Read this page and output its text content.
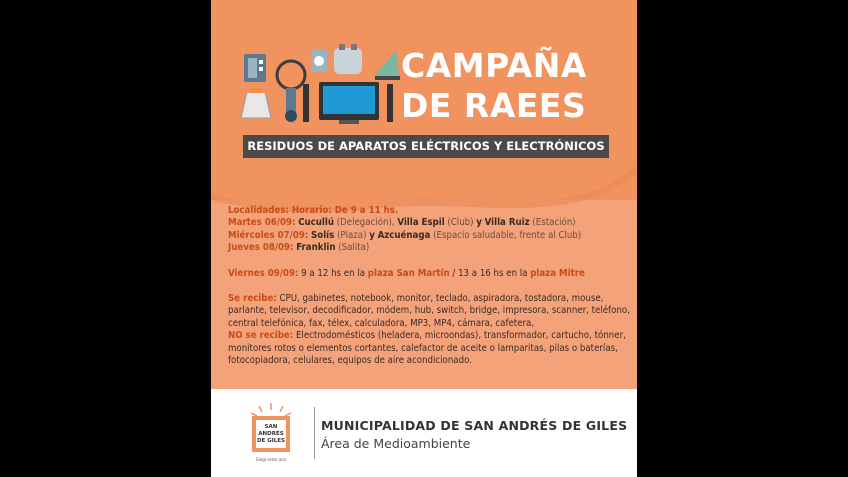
CAMPAÑA
DE RAEES
RESIDUOS DE APARATOS ELÉCTRICOS Y ELECTRÓNICOS

Localidades: Horario: De 9 a 11 hs.

Martes 06/09: Cucullú (Delegación), Villa Espil (Club) y Villa Ruiz (Estación)

Miércoles 07/09: Solís (Plaza) y Azcuénaga (Espacio saludable, frente al Club)

Jueves 08/09: Franklin (Salita)

Viernes 09/09: 9 a 12 hs en la plaza San Martín / 13 a 16 hs en la plaza Mitre

Se recibe: CPU, gabinetes, notebook, monitor, teclado, aspiradora, tostadora, mouse, parlante, televisor, decodificador, módem, hub, switch, bridge, impresora, scanner, teléfono, central telefónica, fax, télex, calculadora, MP3, MP4, cámara, cafetera,

NO se recibe: Electrodomésticos (heladera, microondas), transformador, cartucho, tónner, monitores rotos o elementos cortantes, calefactor de aceite o lamparitas, pilas o baterías, fotocopiadora, celulares, equipos de aire acondicionado.

SAN
ANDRÉS
DE GILES
Elegí estar acá
MUNICIPALIDAD DE SAN ANDRÉS DE GILES
Área de Medioambiente
